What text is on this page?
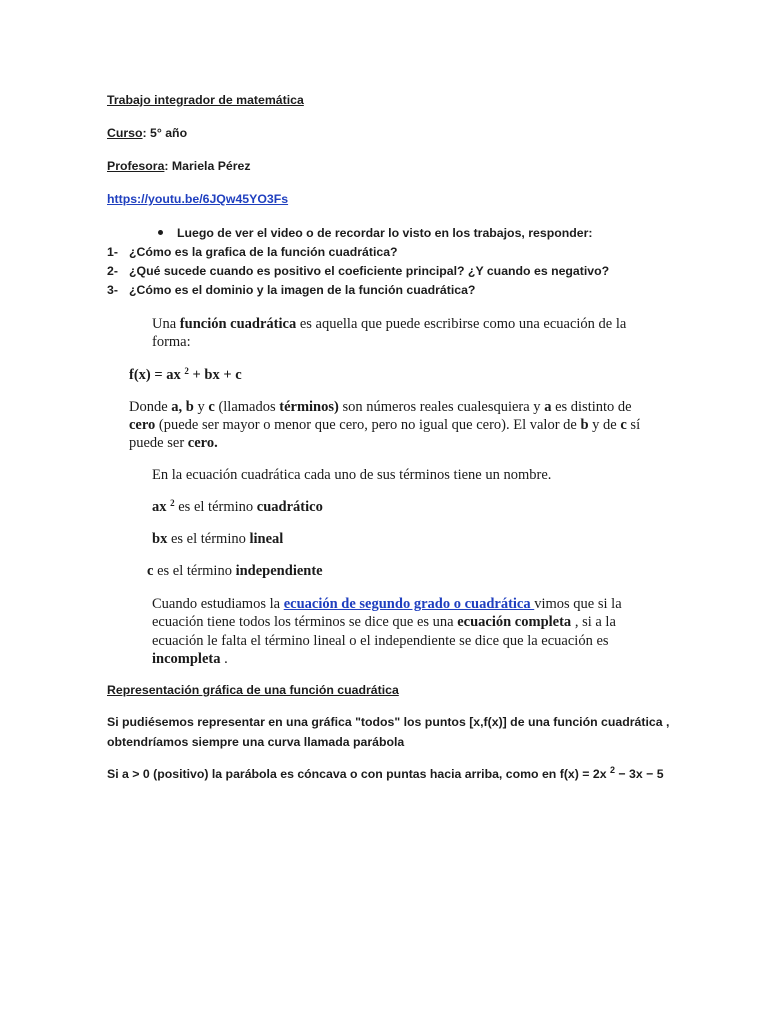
Trabajo integrador de matemática
Curso: 5° año
Profesora: Mariela Pérez
https://youtu.be/6JQw45YO3Fs
Luego de ver el video o de recordar lo visto en los trabajos, responder:
1- ¿Cómo es la grafica de la función cuadrática?
2- ¿Qué sucede cuando es positivo el coeficiente principal? ¿Y cuando es negativo?
3- ¿Cómo es el dominio y la imagen de la función cuadrática?
Una función cuadrática es aquella que puede escribirse como una ecuación de la
forma:
f(x) = ax $^2$ + bx + c
Donde a, b y c (llamados términos) son números reales cualesquiera y a es distinto de
cero (puede ser mayor o menor que cero, pero no igual que cero). El valor de b y de c sí
puede ser cero.
En la ecuación cuadrática cada uno de sus términos tiene un nombre.
ax $^2$ es el término cuadrático
bx es el término lineal
c es el término independiente
Cuando estudiamos la ecuación de segundo grado o cuadrática vimos que si la
ecuación tiene todos los términos se dice que es una ecuación completa , si a la
ecuación le falta el término lineal o el independiente se dice que la ecuación es
incompleta .
Representación gráfica de una función cuadrática
Si pudiésemos representar en una gráfica "todos" los puntos [x,f(x)] de una función cuadrática ,
obtendríamos siempre una curva llamada parábola
Si a > 0 (positivo) la parábola es cóncava o con puntas hacia arriba, como en f(x) = 2x $^2$ − 3x − 5
